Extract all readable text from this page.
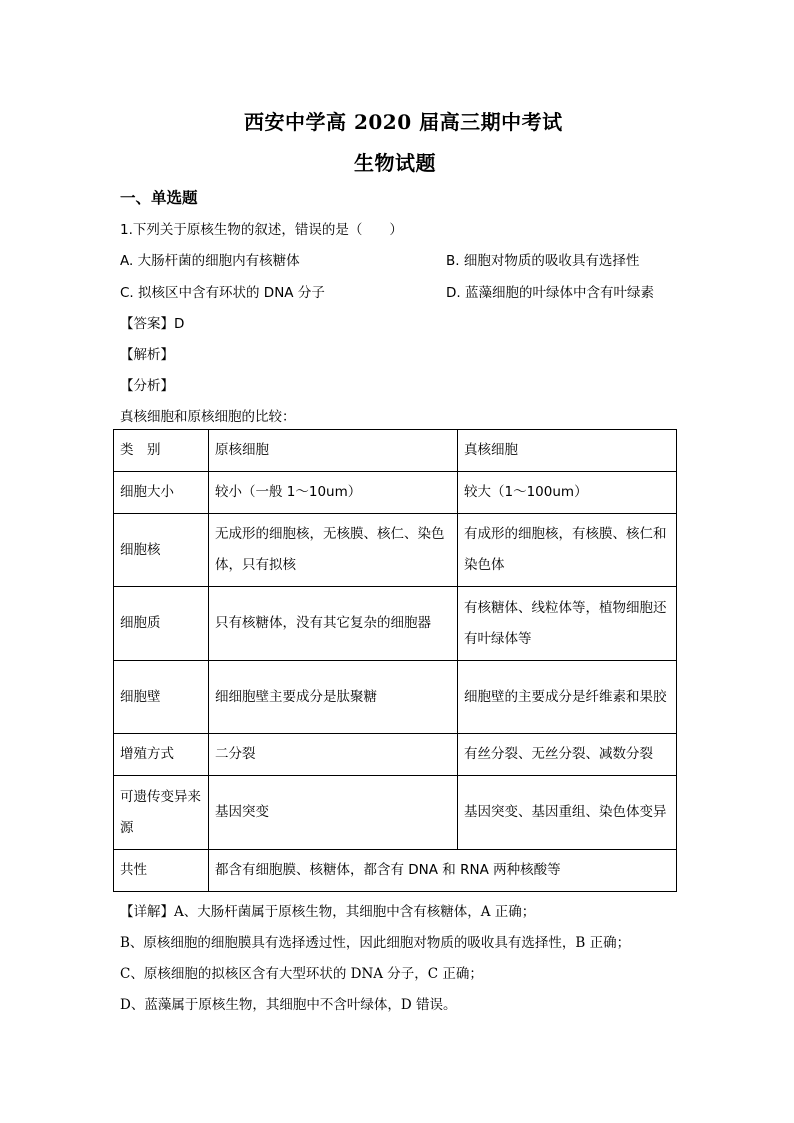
西安中学高 2020 届高三期中考试
生物试题
一、单选题
1.下列关于原核生物的叙述，错误的是（　　）
A. 大肠杆菌的细胞内有核糖体	B. 细胞对物质的吸收具有选择性
C. 拟核区中含有环状的 DNA 分子	D. 蓝藻细胞的叶绿体中含有叶绿素
【答案】D
【解析】
【分析】
真核细胞和原核细胞的比较：
类　别	原核细胞	真核细胞
细胞大小	较小（一般 1～10um）	较大（1～100um）
细胞核	无成形的细胞核，无核膜、核仁、染色体，只有拟核	有成形的细胞核，有核膜、核仁和染色体
细胞质	只有核糖体，没有其它复杂的细胞器	有核糖体、线粒体等，植物细胞还有叶绿体等
细胞壁	细细胞壁主要成分是肽聚糖	细胞壁的主要成分是纤维素和果胶
增殖方式	二分裂	有丝分裂、无丝分裂、减数分裂
可遗传变异来源	基因突变	基因突变、基因重组、染色体变异
共性	都含有细胞膜、核糖体，都含有 DNA 和 RNA 两种核酸等	
【详解】A、大肠杆菌属于原核生物，其细胞中含有核糖体，A 正确；
B、原核细胞的细胞膜具有选择透过性，因此细胞对物质的吸收具有选择性，B 正确；
C、原核细胞的拟核区含有大型环状的 DNA 分子，C 正确；
D、蓝藻属于原核生物，其细胞中不含叶绿体，D 错误。
